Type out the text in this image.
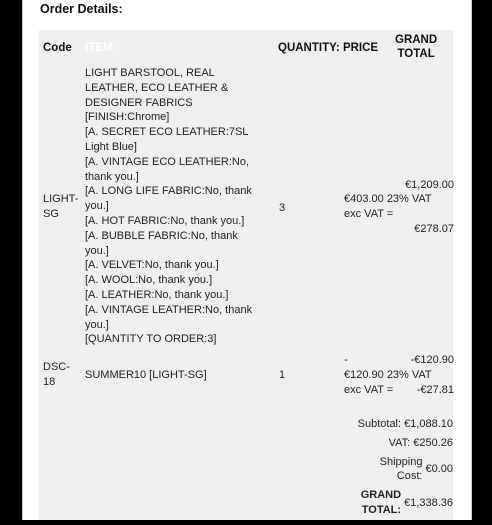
Order Details:
Code ITEM:	QUANTITY: PRICE
GRAND
TOTAL
LIGHT-
SG
LIGHT BARSTOOL, REAL
LEATHER, ECO LEATHER &
DESIGNER FABRICS
[FINISH:Chrome]
[A. SECRET ECO LEATHER:7SL
Light Blue]
[A. VINTAGE ECO LEATHER:No,
thank you.]
[A. LONG LIFE FABRIC:No, thank
you.]
[A. HOT FABRIC:No, thank you.]
[A. BUBBLE FABRIC:No, thank
you.]
[A. VELVET:No, thank you.]
[A. WOOL:No, thank you.]
[A. LEATHER:No, thank you.]
[A. VINTAGE LEATHER:No, thank
you.]
[QUANTITY TO ORDER:3]
3
€403.00 23% VAT
exc VAT =
€1,209.00

€278.07
DSC-
18
SUMMER10 [LIGHT-SG]	1
-
€120.90 23% VAT
exc VAT =
-€120.90

-€27.81
Subtotal: €1,088.10
VAT: €250.26
Shipping
Cost:
€0.00
GRAND
TOTAL:
€1,338.36
